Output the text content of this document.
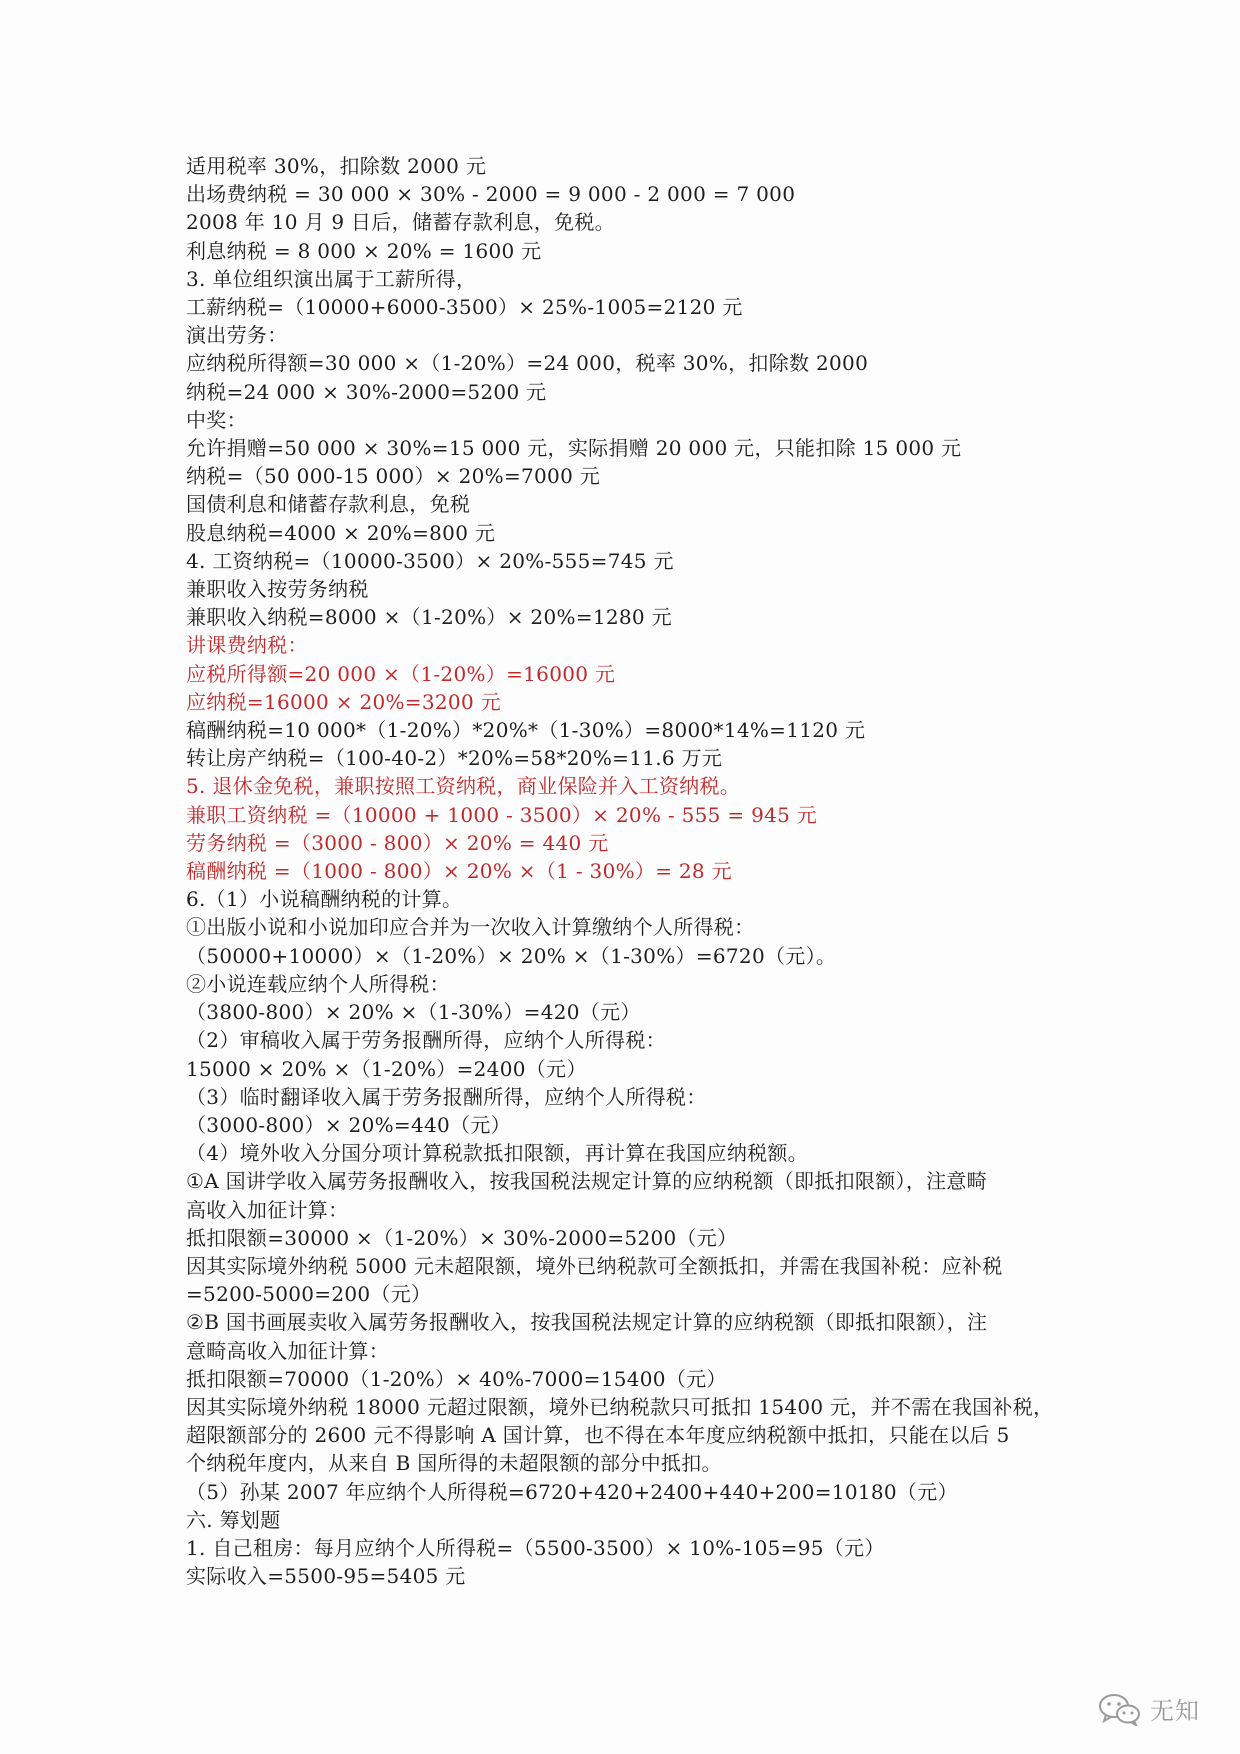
适用税率 30%，扣除数 2000 元
出场费纳税 = 30 000 × 30% - 2000 = 9 000 - 2 000 = 7 000
2008 年 10 月 9 日后，储蓄存款利息，免税。
利息纳税 = 8 000 × 20% = 1600 元
3. 单位组织演出属于工薪所得，
工薪纳税=（10000+6000-3500）× 25%-1005=2120 元
演出劳务：
应纳税所得额=30 000 ×（1-20%）=24 000，税率 30%，扣除数 2000
纳税=24 000 × 30%-2000=5200 元
中奖：
允许捐赠=50 000 × 30%=15 000 元，实际捐赠 20 000 元，只能扣除 15 000 元
纳税=（50 000-15 000）× 20%=7000 元
国债利息和储蓄存款利息，免税
股息纳税=4000 × 20%=800 元
4. 工资纳税=（10000-3500）× 20%-555=745 元
兼职收入按劳务纳税
兼职收入纳税=8000 ×（1-20%）× 20%=1280 元
讲课费纳税：
应税所得额=20 000 ×（1-20%）=16000 元
应纳税=16000 × 20%=3200 元
稿酬纳税=10 000*（1-20%）*20%*（1-30%）=8000*14%=1120 元
转让房产纳税=（100-40-2）*20%=58*20%=11.6 万元
5. 退休金免税，兼职按照工资纳税，商业保险并入工资纳税。
兼职工资纳税 =（10000 + 1000 - 3500）× 20% - 555 = 945 元
劳务纳税 =（3000 - 800）× 20% = 440 元
稿酬纳税 =（1000 - 800）× 20% ×（1 - 30%）= 28 元
6.（1）小说稿酬纳税的计算。
①出版小说和小说加印应合并为一次收入计算缴纳个人所得税：
（50000+10000）×（1-20%）× 20% ×（1-30%）=6720（元）。
②小说连载应纳个人所得税：
（3800-800）× 20% ×（1-30%）=420（元）
（2）审稿收入属于劳务报酬所得，应纳个人所得税：
15000 × 20% ×（1-20%）=2400（元）
（3）临时翻译收入属于劳务报酬所得，应纳个人所得税：
（3000-800）× 20%=440（元）
（4）境外收入分国分项计算税款抵扣限额，再计算在我国应纳税额。
①A 国讲学收入属劳务报酬收入，按我国税法规定计算的应纳税额（即抵扣限额），注意畸
高收入加征计算：
抵扣限额=30000 ×（1-20%）× 30%-2000=5200（元）
因其实际境外纳税 5000 元未超限额，境外已纳税款可全额抵扣，并需在我国补税：应补税
=5200-5000=200（元）
②B 国书画展卖收入属劳务报酬收入，按我国税法规定计算的应纳税额（即抵扣限额），注
意畸高收入加征计算：
抵扣限额=70000（1-20%）× 40%-7000=15400（元）
因其实际境外纳税 18000 元超过限额，境外已纳税款只可抵扣 15400 元，并不需在我国补税，
超限额部分的 2600 元不得影响 A 国计算，也不得在本年度应纳税额中抵扣，只能在以后 5
个纳税年度内，从来自 B 国所得的未超限额的部分中抵扣。
（5）孙某 2007 年应纳个人所得税=6720+420+2400+440+200=10180（元）
六. 筹划题
1. 自己租房：每月应纳个人所得税=（5500-3500）× 10%-105=95（元）
实际收入=5500-95=5405 元
无知
